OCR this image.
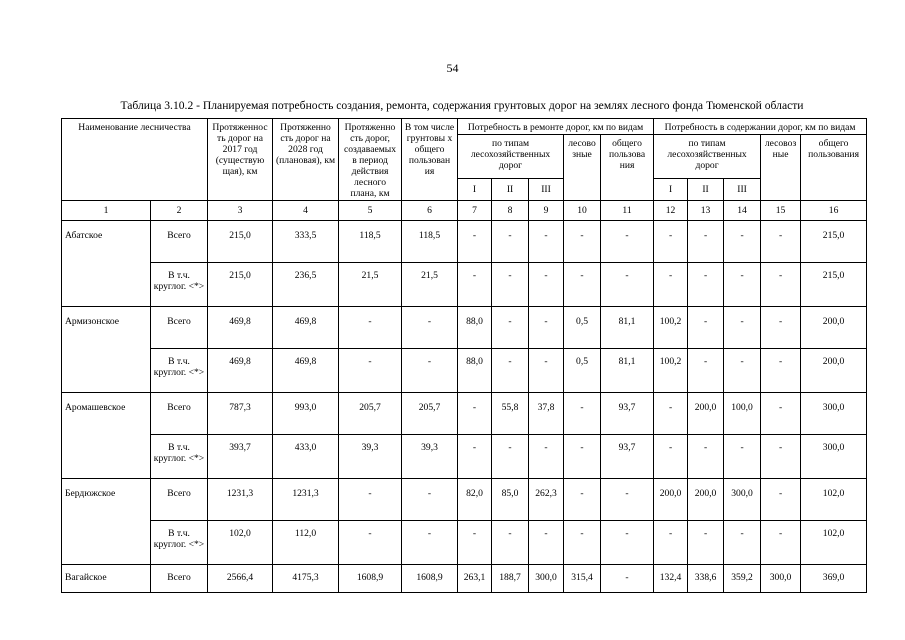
54
Таблица 3.10.2 - Планируемая потребность создания, ремонта, содержания грунтовых дорог на землях лесного фонда Тюменской области
Наименование лесничества		Протяженнос ть дорог на 2017 год (существую щая), км	Протяженно сть дорог на 2028 год (плановая), км	Протяженно сть дорог, создаваемых в период действия лесного плана, км	В том числе грунтовы х общего пользован ия	Потребность в ремонте дорог, км по видам					Потребность в содержании дорог, км по видам				
						по типам лесохозяйственных дорог			лесово зные	общего пользова ния	по типам лесохозяйственных дорог			лесовоз ные	общего пользования
						I	II	III			I	II	III		
1	2	3	4	5	6	7	8	9	10	11	12	13	14	15	16
Абатское	Всего	215,0	333,5	118,5	118,5	-	-	-	-	-	-	-	-	-	215,0
	В т.ч. круглог. <*>	215,0	236,5	21,5	21,5	-	-	-	-	-	-	-	-	-	215,0
Армизонское	Всего	469,8	469,8	-	-	88,0	-	-	0,5	81,1	100,2	-	-	-	200,0
	В т.ч. круглог. <*>	469,8	469,8	-	-	88,0	-	-	0,5	81,1	100,2	-	-	-	200,0
Аромашевское	Всего	787,3	993,0	205,7	205,7	-	55,8	37,8	-	93,7	-	200,0	100,0	-	300,0
	В т.ч. круглог. <*>	393,7	433,0	39,3	39,3	-	-	-	-	93,7	-	-	-	-	300,0
Бердюжское	Всего	1231,3	1231,3	-	-	82,0	85,0	262,3	-	-	200,0	200,0	300,0	-	102,0
	В т.ч. круглог. <*>	102,0	112,0	-	-	-	-	-	-	-	-	-	-	-	102,0
Вагайское	Всего	2566,4	4175,3	1608,9	1608,9	263,1	188,7	300,0	315,4	-	132,4	338,6	359,2	300,0	369,0
